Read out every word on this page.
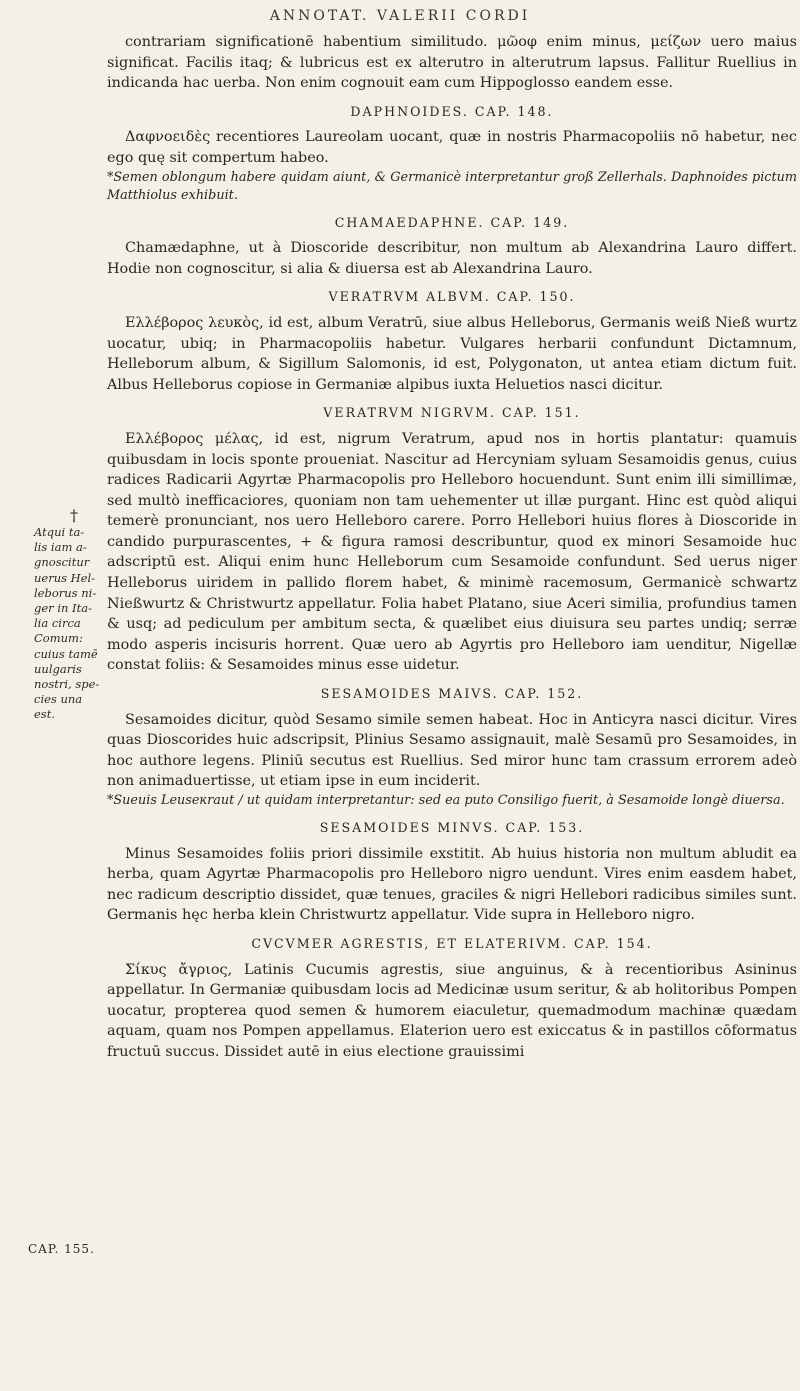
ANNOTAT. VALERII CORDI
†
Atqui ta-
lis iam a-
gnoscitur
uerus Hel-
leborus ni-
ger in Ita-
lia circa
Comum:
cuius tamē
uulgaris
nostri, spe-
cies una
est.
CAP. 155.

contrariam significationē habentium similitudo. μῶοφ enim minus, μείζων uero maius significat. Facilis itaq; & lubricus est ex alterutro in alterutrum lapsus. Fallitur Ruellius in indicanda hac uerba. Non enim cognouit eam cum Hippoglosso eandem esse.

DAPHNOIDES. CAP. 148.

Δαφνοειδὲς recentiores Laureolam uocant, quæ in nostris Pharmacopoliis nō habetur, nec ego quę sit compertum habeo.

*Semen oblongum habere quidam aiunt, & Germanicè interpretantur groß Zellerhals. Daphnoides pictum Matthiolus exhibuit.

CHAMAEDAPHNE. CAP. 149.

Chamædaphne, ut à Dioscoride describitur, non multum ab Alexandrina Lauro differt. Hodie non cognoscitur, si alia & diuersa est ab Alexandrina Lauro.

VERATRVM ALBVM. CAP. 150.

Ελλέβορος λευκὸς, id est, album Veratrū, siue albus Helleborus, Germanis weiß Nieß wurtz uocatur, ubiq; in Pharmacopoliis habetur. Vulgares herbarii confundunt Dictamnum, Helleborum album, & Sigillum Salomonis, id est, Polygonaton, ut antea etiam dictum fuit. Albus Helleborus copiose in Germaniæ alpibus iuxta Heluetios nasci dicitur.

VERATRVM NIGRVM. CAP. 151.

Ελλέβορος μέλας, id est, nigrum Veratrum, apud nos in hortis plantatur: quamuis quibusdam in locis sponte proueniat. Nascitur ad Hercyniam syluam Sesamoidis genus, cuius radices Radicarii Agyrtæ Pharmacopolis pro Helleboro hocuendunt. Sunt enim illi simillimæ, sed multò inefficaciores, quoniam non tam uehementer ut illæ purgant. Hinc est quòd aliqui temerè pronunciant, nos uero Helleboro carere. Porro Hellebori huius flores à Dioscoride in candido purpurascentes, + & figura ramosi describuntur, quod ex minori Sesamoide huc adscriptū est. Aliqui enim hunc Helleborum cum Sesamoide confundunt. Sed uerus niger Helleborus uiridem in pallido florem habet, & minimè racemosum, Germanicè schwartz Nießwurtz & Christwurtz appellatur. Folia habet Platano, siue Aceri similia, profundius tamen & usq; ad pediculum per ambitum secta, & quælibet eius diuisura seu partes undiq; serræ modo asperis incisuris horrent. Quæ uero ab Agyrtis pro Helleboro iam uenditur, Nigellæ constat foliis: & Sesamoides minus esse uidetur.

SESAMOIDES MAIVS. CAP. 152.

Sesamoides dicitur, quòd Sesamo simile semen habeat. Hoc in Anticyra nasci dicitur. Vires quas Dioscorides huic adscripsit, Plinius Sesamo assignauit, malè Sesamū pro Sesamoides, in hoc authore legens. Pliniū secutus est Ruellius. Sed miror hunc tam crassum errorem adeò non animaduertisse, ut etiam ipse in eum inciderit.

*Sueuis Leuseĸraut / ut quidam interpretantur: sed ea puto Consiligo fuerit, à Sesamoide longè diuersa.

SESAMOIDES MINVS. CAP. 153.

Minus Sesamoides foliis priori dissimile exstitit. Ab huius historia non multum abludit ea herba, quam Agyrtæ Pharmacopolis pro Helleboro nigro uendunt. Vires enim easdem habet, nec radicum descriptio dissidet, quæ tenues, graciles & nigri Hellebori radicibus similes sunt. Germanis hęc herba klein Christwurtz appellatur. Vide supra in Helleboro nigro.

CVCVMER AGRESTIS, ET ELATERIVM. CAP. 154.

Σίκυς ἄγριος, Latinis Cucumis agrestis, siue anguinus, & à recentioribus Asininus appellatur. In Germaniæ quibusdam locis ad Medicinæ usum seritur, & ab holitoribus Pompen uocatur, propterea quod semen & humorem eiaculetur, quemadmodum machinæ quædam aquam, quam nos Pompen appellamus. Elaterion uero est exiccatus & in pastillos cōformatus fructuū succus. Dissidet autē in eius electione grauissimi
